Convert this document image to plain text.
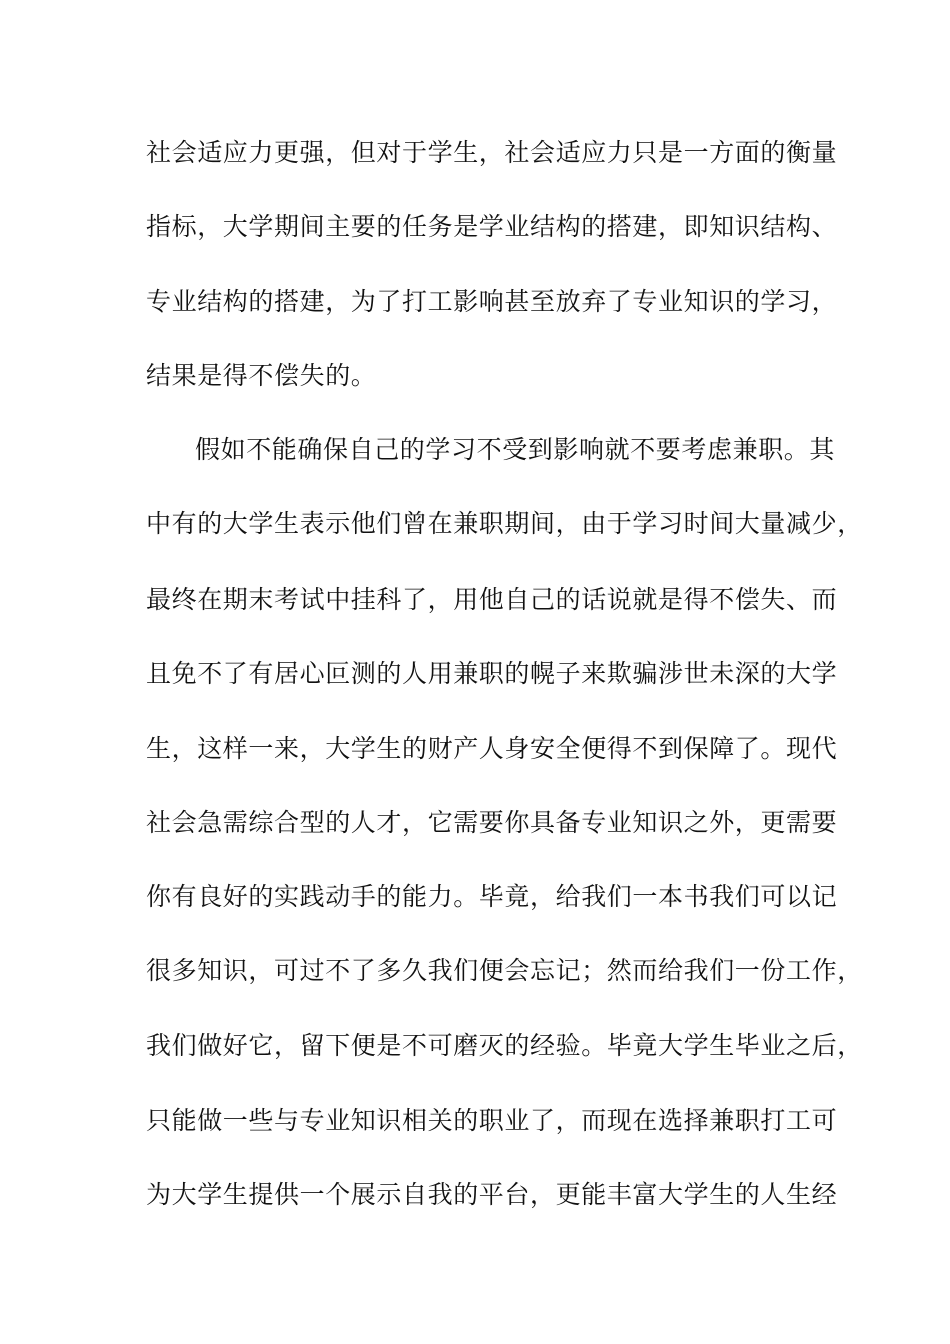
社会适应力更强，但对于学生，社会适应力只是一方面的衡量
指标，大学期间主要的任务是学业结构的搭建，即知识结构、
专业结构的搭建，为了打工影响甚至放弃了专业知识的学习，
结果是得不偿失的。
假如不能确保自己的学习不受到影响就不要考虑兼职。其
中有的大学生表示他们曾在兼职期间，由于学习时间大量减少，
最终在期末考试中挂科了，用他自己的话说就是得不偿失、而
且免不了有居心叵测的人用兼职的幌子来欺骗涉世未深的大学
生，这样一来，大学生的财产人身安全便得不到保障了。现代
社会急需综合型的人才，它需要你具备专业知识之外，更需要
你有良好的实践动手的能力。毕竟，给我们一本书我们可以记
很多知识，可过不了多久我们便会忘记；然而给我们一份工作，
我们做好它，留下便是不可磨灭的经验。毕竟大学生毕业之后，
只能做一些与专业知识相关的职业了，而现在选择兼职打工可
为大学生提供一个展示自我的平台，更能丰富大学生的人生经
